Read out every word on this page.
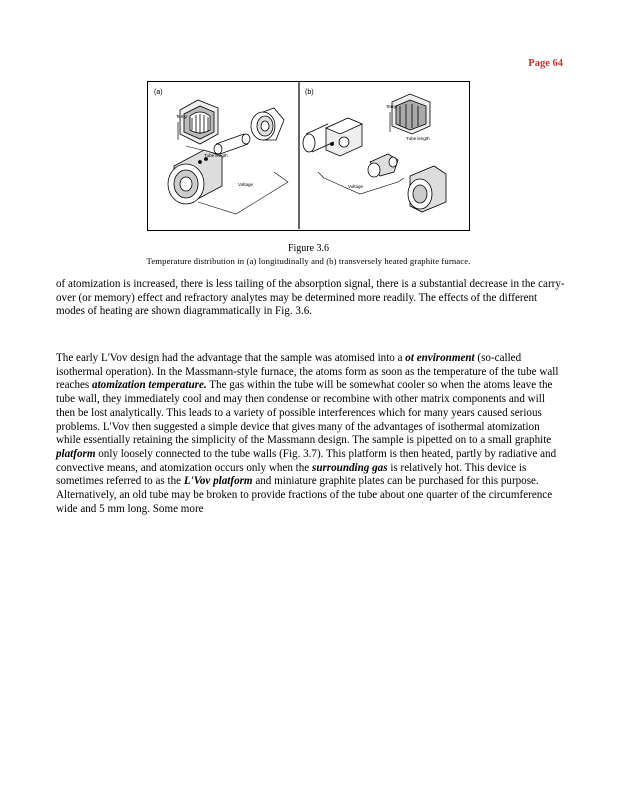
Page 64
(a)	(b)
Temp
Tube length
Voltage
Temp
Tube length
Voltage
Figure 3.6
Temperature distribution in (a) longitudinally and (b) transversely heated graphite furnace.

of atomization is increased, there is less tailing of the absorption signal, there is a substantial decrease in the carry-over (or memory) effect and refractory analytes may be determined more readily. The effects of the different modes of heating are shown diagrammatically in Fig. 3.6.

The early L'Vov design had the advantage that the sample was atomised into a ot environment (so-called isothermal operation). In the Massmann-style furnace, the atoms form as soon as the temperature of the tube wall reaches atomization temperature. The gas within the tube will be somewhat cooler so when the atoms leave the tube wall, they immediately cool and may then condense or recombine with other matrix components and will then be lost analytically. This leads to a variety of possible interferences which for many years caused serious problems. L'Vov then suggested a simple device that gives many of the advantages of isothermal atomization while essentially retaining the simplicity of the Massmann design. The sample is pipetted on to a small graphite platform only loosely connected to the tube walls (Fig. 3.7). This platform is then heated, partly by radiative and convective means, and atomization occurs only when the surrounding gas is relatively hot. This device is sometimes referred to as the L'Vov platform and miniature graphite plates can be purchased for this purpose. Alternatively, an old tube may be broken to provide fractions of the tube about one quarter of the circumference wide and 5 mm long. Some more
